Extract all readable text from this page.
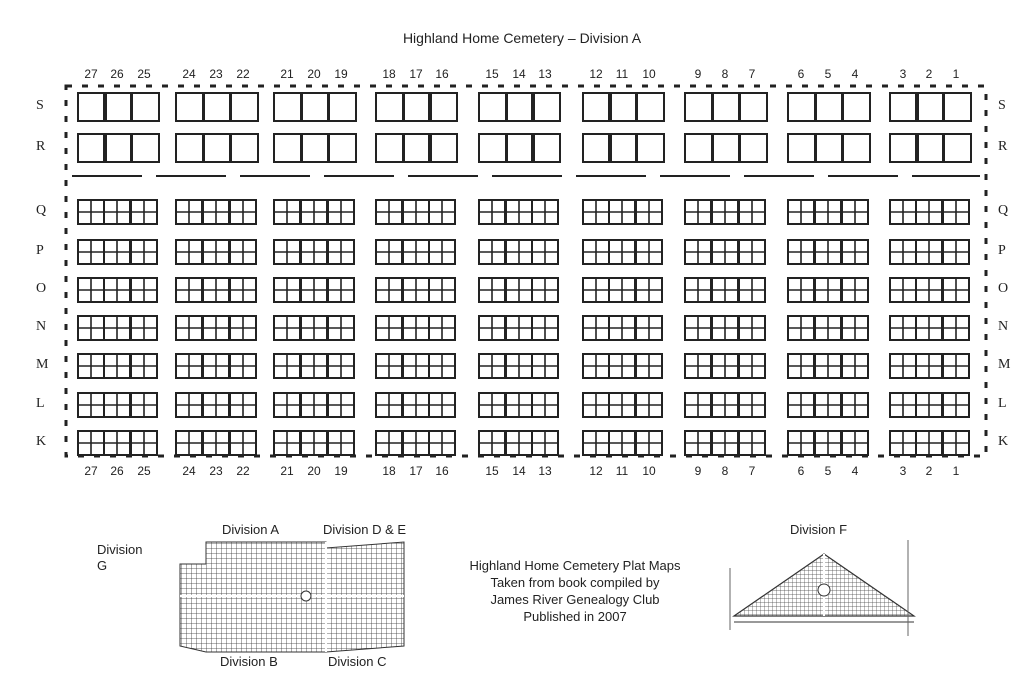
Highland Home Cemetery – Division A
S
R
Q
P
O
N
M
L
K
S
R
Q
P
O
N
M
L
K
27	26	25	24	23	22	21	20	19	18	17	16	15	14	13	12	11	10	9	8	7	6	5	4	3	2	1
27	26	25	24	23	22	21	20	19	18	17	16	15	14	13	12	11	10	9	8	7	6	5	4	3	2	1
Division
G
Division A	Division D & E
Division B	Division C
Division F
Highland Home Cemetery Plat Maps
Taken from book compiled by
James River Genealogy Club
Published in 2007
